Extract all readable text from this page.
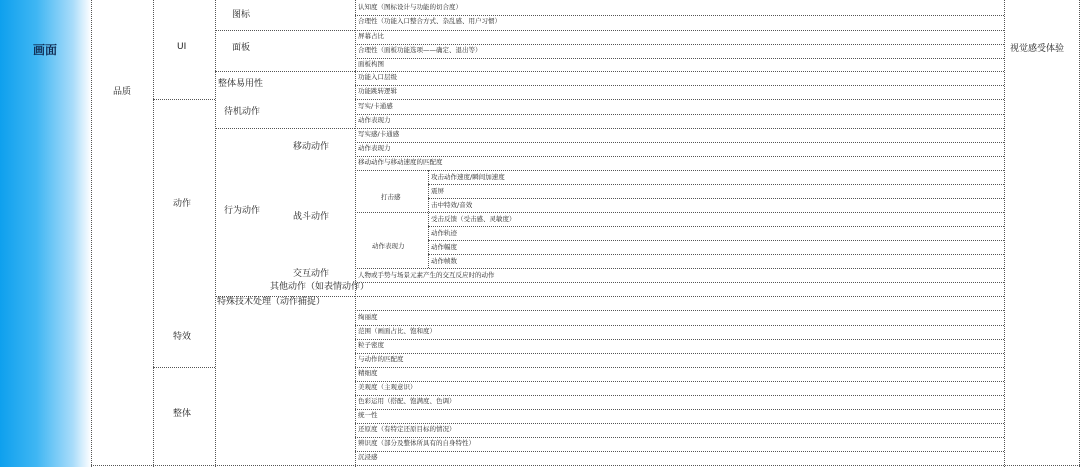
画面
品质
UI
动作
特效
整体
图标
面板
整体易用性
待机动作
行为动作
特殊技术处理（动作捕捉）
移动动作
战斗动作
交互动作
其他动作（如表情动作）
视觉感受体验
认知度（图标设计与功能的切合度）
合理性（功能入口整合方式、杂乱感、用户习惯）
屏幕占比
合理性（面板功能选项——确定、退出等）
面板构图
功能入口层级
功能跳转逻辑
写实/卡通感
动作表现力
写实感/卡通感
动作表现力
移动动作与移动速度的匹配度
打击感
攻击动作速度/瞬间加速度
震屏
击中特效/音效
受击反馈（受击感、灵敏度）
动作表现力
动作轨迹
动作幅度
动作帧数
人物或手势与场景元素产生的交互反应时的动作
绚丽度
范围（画面占比、饱和度）
粒子密度
与动作的匹配度
精细度
美观度（主观意识）
色彩运用（搭配、饱满度、色调）
统一性
还原度（有特定还原目标的情况）
辨识度（部分及整体所具有的自身特性）
沉浸感
